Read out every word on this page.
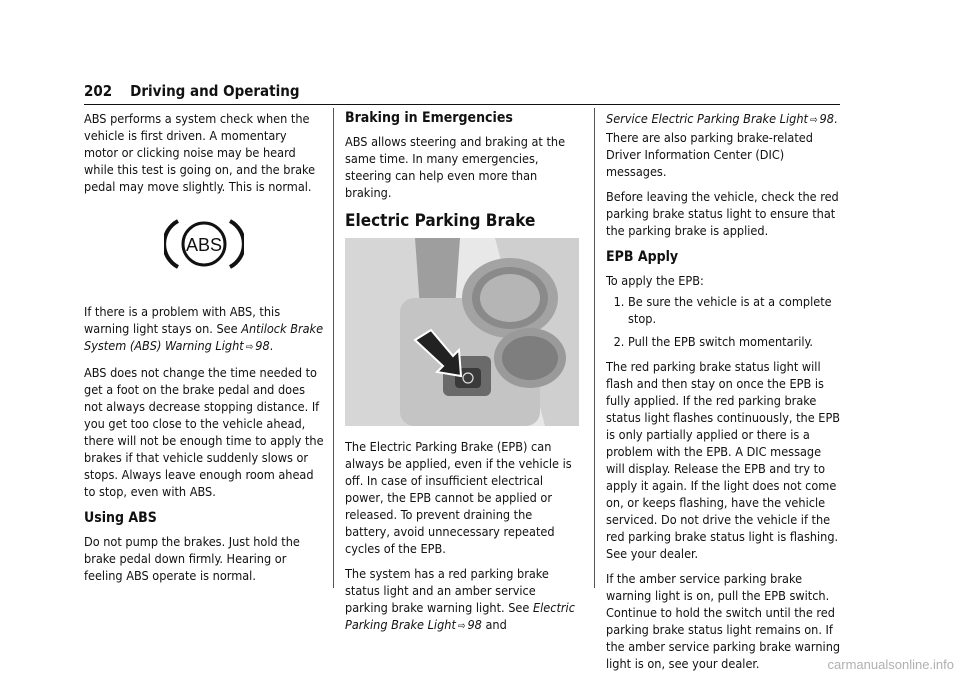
202 Driving and Operating

ABS performs a system check when the vehicle is first driven. A momentary motor or clicking noise may be heard while this test is going on, and the brake pedal may move slightly. This is normal.

ABS

If there is a problem with ABS, this warning light stays on. See Antilock Brake System (ABS) Warning Light ⇨ 98.

ABS does not change the time needed to get a foot on the brake pedal and does not always decrease stopping distance. If you get too close to the vehicle ahead, there will not be enough time to apply the brakes if that vehicle suddenly slows or stops. Always leave enough room ahead to stop, even with ABS.

Using ABS

Do not pump the brakes. Just hold the brake pedal down firmly. Hearing or feeling ABS operate is normal.

Braking in Emergencies

ABS allows steering and braking at the same time. In many emergencies, steering can help even more than braking.

Electric Parking Brake

The Electric Parking Brake (EPB) can always be applied, even if the vehicle is off. In case of insufficient electrical power, the EPB cannot be applied or released. To prevent draining the battery, avoid unnecessary repeated cycles of the EPB.

The system has a red parking brake status light and an amber service parking brake warning light. See Electric Parking Brake Light ⇨ 98 and

Service Electric Parking Brake Light ⇨ 98. There are also parking brake-related Driver Information Center (DIC) messages.

Before leaving the vehicle, check the red parking brake status light to ensure that the parking brake is applied.

EPB Apply

To apply the EPB:

1. Be sure the vehicle is at a complete stop.
2. Pull the EPB switch momentarily.

The red parking brake status light will flash and then stay on once the EPB is fully applied. If the red parking brake status light flashes continuously, the EPB is only partially applied or there is a problem with the EPB. A DIC message will display. Release the EPB and try to apply it again. If the light does not come on, or keeps flashing, have the vehicle serviced. Do not drive the vehicle if the red parking brake status light is flashing. See your dealer.

If the amber service parking brake warning light is on, pull the EPB switch. Continue to hold the switch until the red parking brake status light remains on. If the amber service parking brake warning light is on, see your dealer.	carmanualsonline.info
